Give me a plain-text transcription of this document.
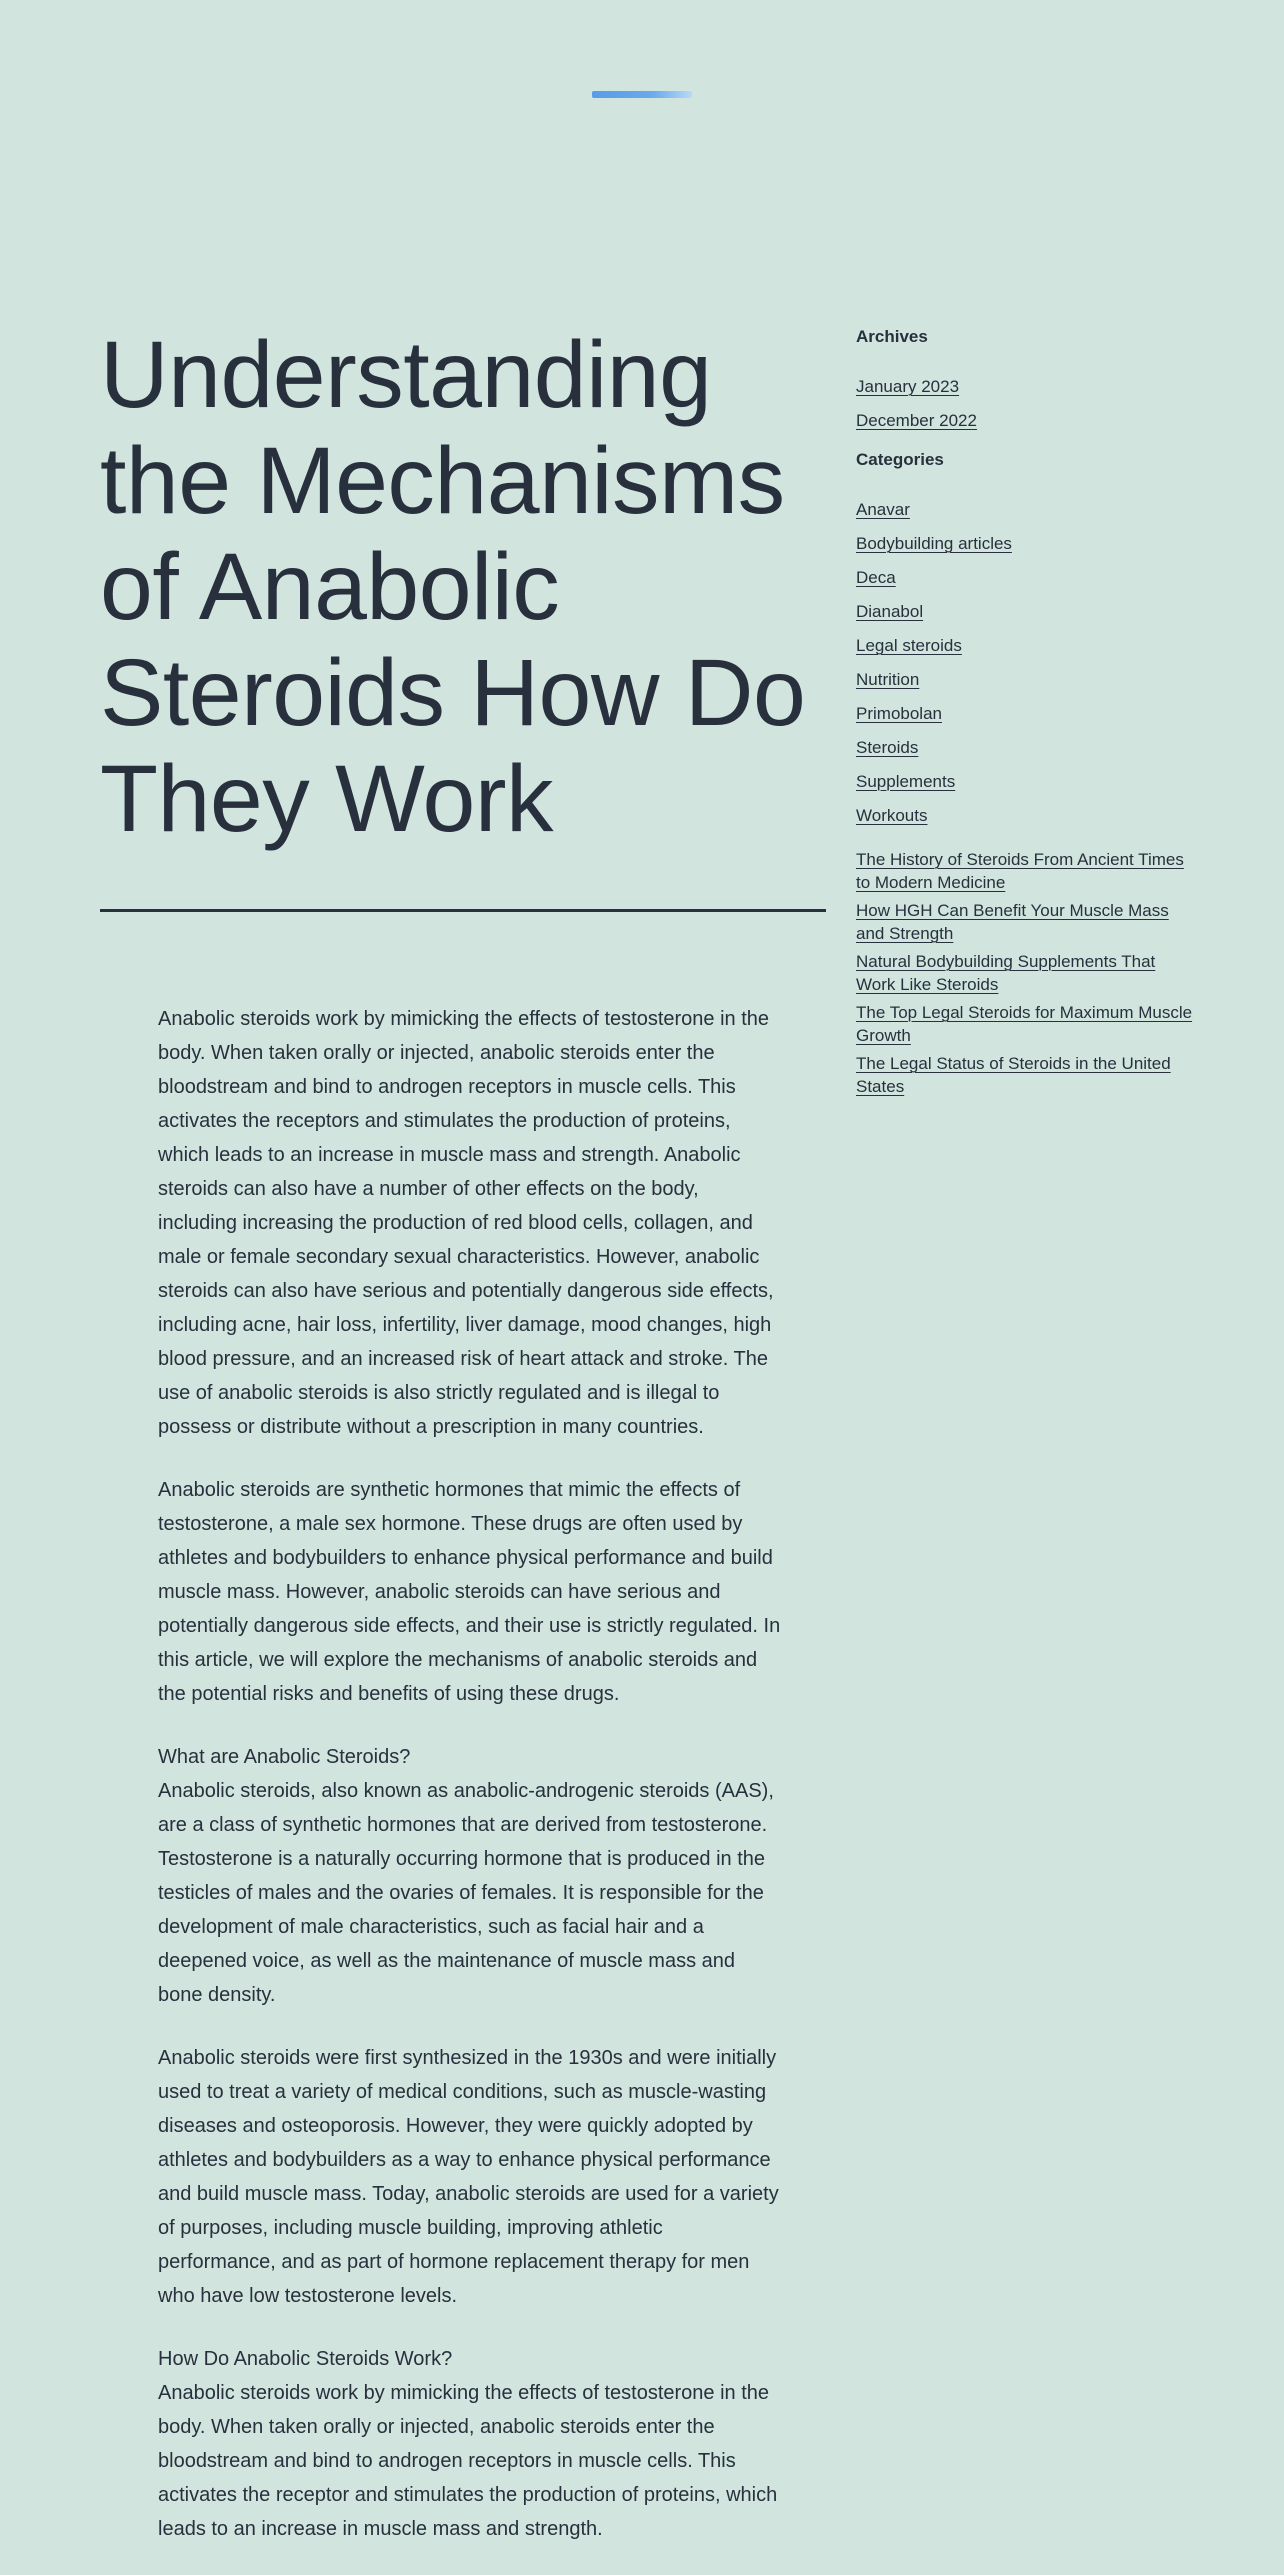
Understanding the Mechanisms of Anabolic Steroids How Do They Work

Anabolic steroids work by mimicking the effects of testosterone in the body. When taken orally or injected, anabolic steroids enter the bloodstream and bind to androgen receptors in muscle cells. This activates the receptors and stimulates the production of proteins, which leads to an increase in muscle mass and strength. Anabolic steroids can also have a number of other effects on the body, including increasing the production of red blood cells, collagen, and male or female secondary sexual characteristics. However, anabolic steroids can also have serious and potentially dangerous side effects, including acne, hair loss, infertility, liver damage, mood changes, high blood pressure, and an increased risk of heart attack and stroke. The use of anabolic steroids is also strictly regulated and is illegal to possess or distribute without a prescription in many countries.

Anabolic steroids are synthetic hormones that mimic the effects of testosterone, a male sex hormone. These drugs are often used by athletes and bodybuilders to enhance physical performance and build muscle mass. However, anabolic steroids can have serious and potentially dangerous side effects, and their use is strictly regulated. In this article, we will explore the mechanisms of anabolic steroids and the potential risks and benefits of using these drugs.

What are Anabolic Steroids?
Anabolic steroids, also known as anabolic-androgenic steroids (AAS), are a class of synthetic hormones that are derived from testosterone. Testosterone is a naturally occurring hormone that is produced in the testicles of males and the ovaries of females. It is responsible for the development of male characteristics, such as facial hair and a deepened voice, as well as the maintenance of muscle mass and bone density.

Anabolic steroids were first synthesized in the 1930s and were initially used to treat a variety of medical conditions, such as muscle-wasting diseases and osteoporosis. However, they were quickly adopted by athletes and bodybuilders as a way to enhance physical performance and build muscle mass. Today, anabolic steroids are used for a variety of purposes, including muscle building, improving athletic performance, and as part of hormone replacement therapy for men who have low testosterone levels.

How Do Anabolic Steroids Work?
Anabolic steroids work by mimicking the effects of testosterone in the body. When taken orally or injected, anabolic steroids enter the bloodstream and bind to androgen receptors in muscle cells. This activates the receptor and stimulates the production of proteins, which leads to an increase in muscle mass and strength.

Archives
January 2023
December 2022
Categories
Anavar
Bodybuilding articles
Deca
Dianabol
Legal steroids
Nutrition
Primobolan
Steroids
Supplements
Workouts
The History of Steroids From Ancient Times to Modern Medicine
How HGH Can Benefit Your Muscle Mass and Strength
Natural Bodybuilding Supplements That Work Like Steroids
The Top Legal Steroids for Maximum Muscle Growth
The Legal Status of Steroids in the United States
